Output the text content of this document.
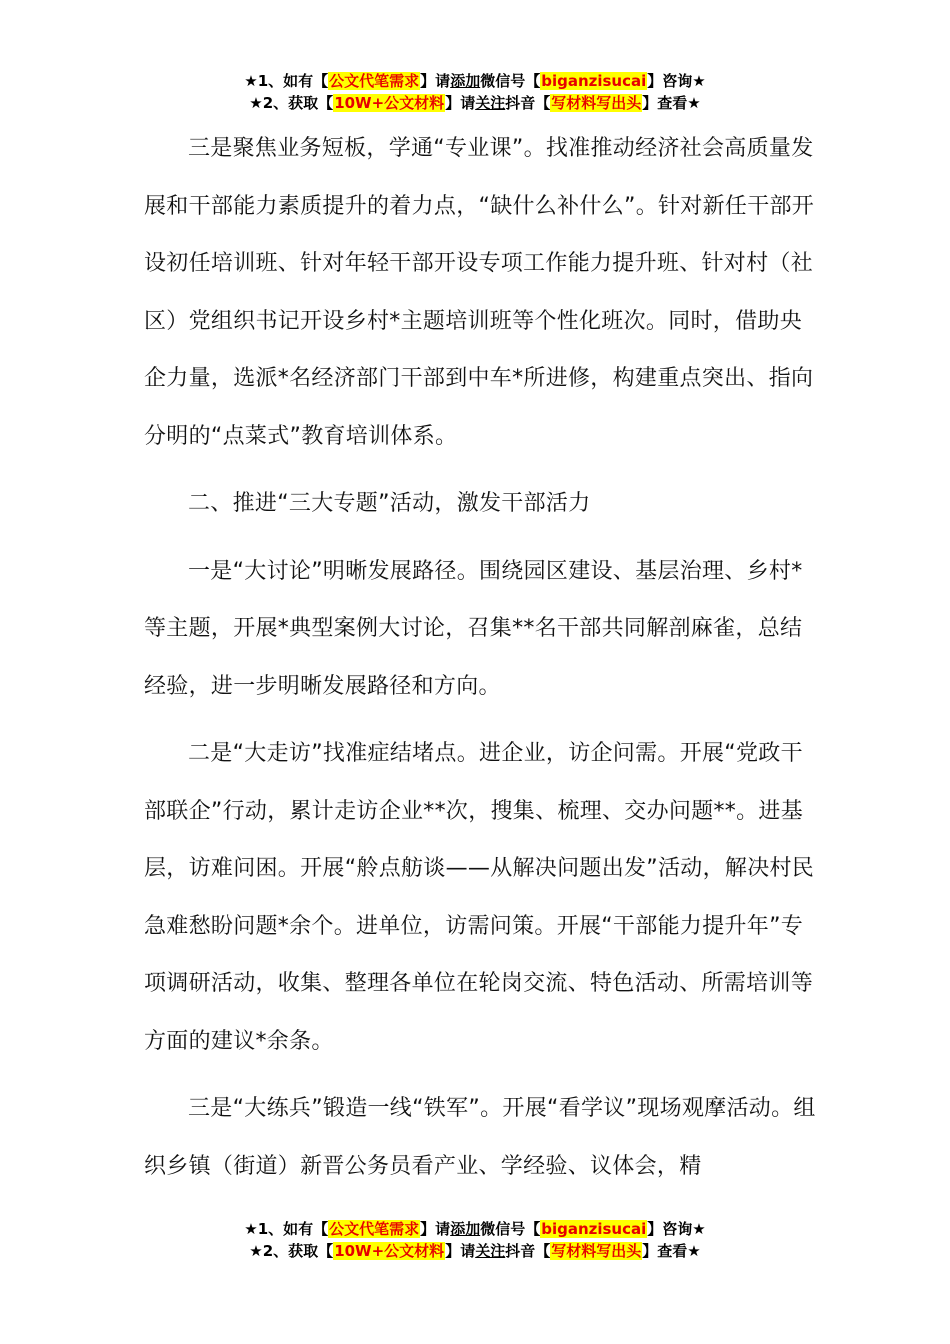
★1、如有【公文代笔需求】请添加微信号【biganzisucai】咨询★
★2、获取【10W+公文材料】请关注抖音【写材料写出头】查看★

三是聚焦业务短板，学通“专业课”。找准推动经济社会高质量发展和干部能力素质提升的着力点，“缺什么补什么”。针对新任干部开设初任培训班、针对年轻干部开设专项工作能力提升班、针对村（社区）党组织书记开设乡村*主题培训班等个性化班次。同时，借助央企力量，选派*名经济部门干部到中车*所进修，构建重点突出、指向分明的“点菜式”教育培训体系。

二、推进“三大专题”活动，激发干部活力

一是“大讨论”明晰发展路径。围绕园区建设、基层治理、乡村*等主题，开展*典型案例大讨论，召集**名干部共同解剖麻雀，总结经验，进一步明晰发展路径和方向。

二是“大走访”找准症结堵点。进企业，访企问需。开展“党政干部联企”行动，累计走访企业**次，搜集、梳理、交办问题**。进基层，访难问困。开展“舲点舫谈——从解决问题出发”活动，解决村民急难愁盼问题*余个。进单位，访需问策。开展“干部能力提升年”专项调研活动，收集、整理各单位在轮岗交流、特色活动、所需培训等方面的建议*余条。

三是“大练兵”锻造一线“铁军”。开展“看学议”现场观摩活动。组织乡镇（街道）新晋公务员看产业、学经验、议体会，精

★1、如有【公文代笔需求】请添加微信号【biganzisucai】咨询★
★2、获取【10W+公文材料】请关注抖音【写材料写出头】查看★
